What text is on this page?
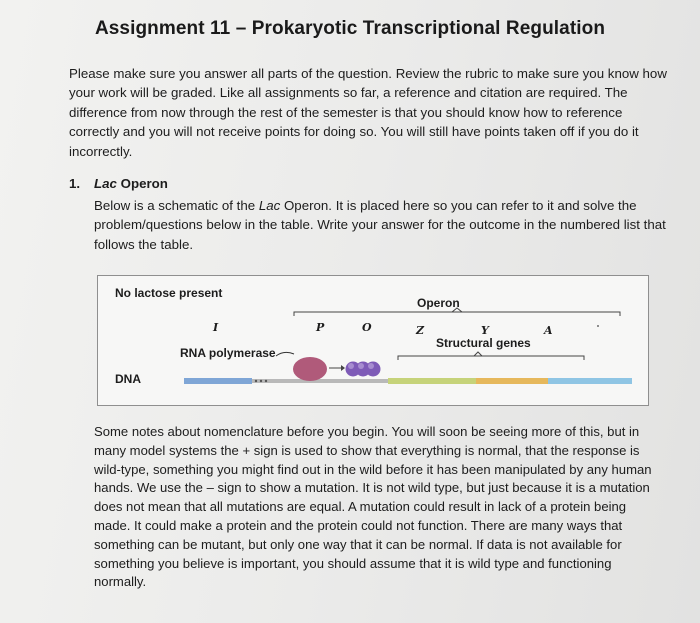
Assignment 11 – Prokaryotic Transcriptional Regulation

Please make sure you answer all parts of the question. Review the rubric to make sure you know how your work will be graded. Like all assignments so far, a reference and citation are required. The difference from now through the rest of the semester is that you should know how to reference correctly and you will not receive points for doing so. You will still have points taken off if you do it incorrectly.

1. Lac Operon

Below is a schematic of the Lac Operon. It is placed here so you can refer to it and solve the problem/questions below in the table. Write your answer for the outcome in the numbered list that follows the table.

No lactose present
Operon
I	P	O	Z	Y	A
Structural genes
RNA polymerase
DNA

Some notes about nomenclature before you begin. You will soon be seeing more of this, but in many model systems the + sign is used to show that everything is normal, that the response is wild-type, something you might find out in the wild before it has been manipulated by any human hands. We use the – sign to show a mutation. It is not wild type, but just because it is a mutation does not mean that all mutations are equal. A mutation could result in lack of a protein being made. It could make a protein and the protein could not function. There are many ways that something can be mutant, but only one way that it can be normal. If data is not available for something you believe is important, you should assume that it is wild type and functioning normally.
